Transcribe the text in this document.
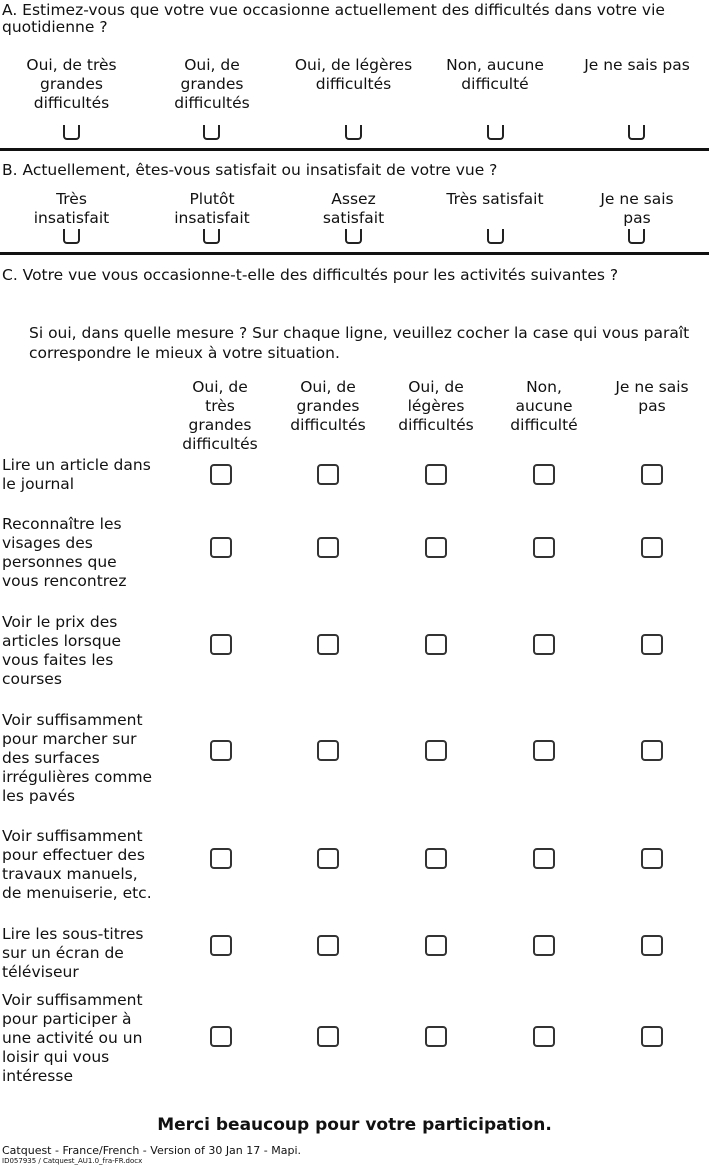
A. Estimez-vous que votre vue occasionne actuellement des difficultés dans votre vie quotidienne ?
Oui, de très
grandes
difficultés
Oui, de
grandes
difficultés
Oui, de légères
difficultés
Non, aucune
difficulté
Je ne sais pas
B. Actuellement, êtes-vous satisfait ou insatisfait de votre vue ?
Très
insatisfait
Plutôt
insatisfait
Assez
satisfait
Très satisfait	Je ne sais
pas
C. Votre vue vous occasionne-t-elle des difficultés pour les activités suivantes ?
Si oui, dans quelle mesure ? Sur chaque ligne, veuillez cocher la case qui vous paraît correspondre le mieux à votre situation.
Oui, de
très
grandes
difficultés
Oui, de
grandes
difficultés
Oui, de
légères
difficultés
Non,
aucune
difficulté
Je ne sais
pas
Lire un article dans
le journal
Reconnaître les
visages des
personnes que
vous rencontrez
Voir le prix des
articles lorsque
vous faites les
courses
Voir suffisamment
pour marcher sur
des surfaces
irrégulières comme
les pavés
Voir suffisamment
pour effectuer des
travaux manuels,
de menuiserie, etc.
Lire les sous-titres
sur un écran de
téléviseur
Voir suffisamment
pour participer à
une activité ou un
loisir qui vous
intéresse
Merci beaucoup pour votre participation.
Catquest - France/French - Version of 30 Jan 17 - Mapi.
ID057935 / Catquest_AU1.0_fra-FR.docx
